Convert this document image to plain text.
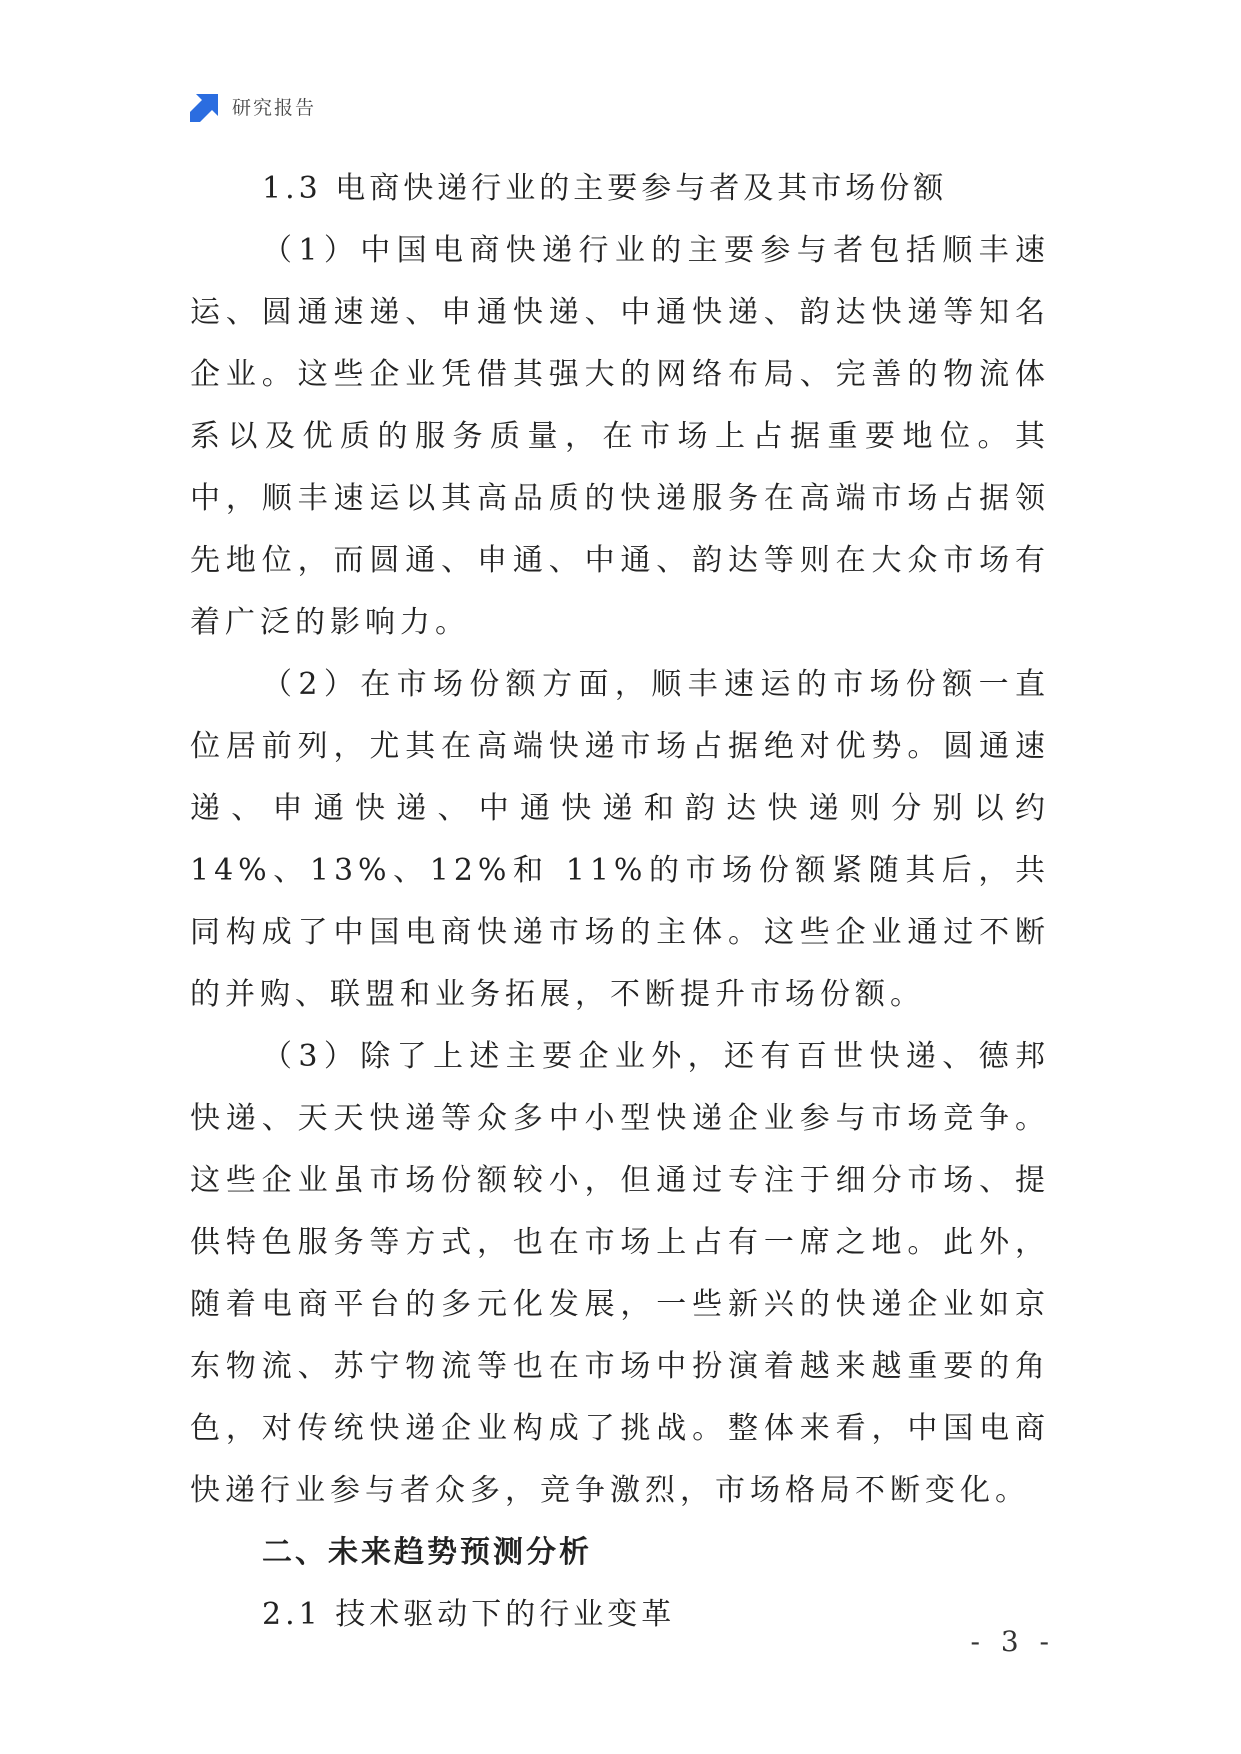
研究报告
1.3 电商快递行业的主要参与者及其市场份额

（1）中国电商快递行业的主要参与者包括顺丰速运、圆通速递、申通快递、中通快递、韵达快递等知名企业。这些企业凭借其强大的网络布局、完善的物流体系以及优质的服务质量，在市场上占据重要地位。其中，顺丰速运以其高品质的快递服务在高端市场占据领先地位，而圆通、申通、中通、韵达等则在大众市场有着广泛的影响力。

（2）在市场份额方面，顺丰速运的市场份额一直位居前列，尤其在高端快递市场占据绝对优势。圆通速递、申通快递、中通快递和韵达快递则分别以约 14%、13%、12%和 11%的市场份额紧随其后，共同构成了中国电商快递市场的主体。这些企业通过不断的并购、联盟和业务拓展，不断提升市场份额。

（3）除了上述主要企业外，还有百世快递、德邦快递、天天快递等众多中小型快递企业参与市场竞争。这些企业虽市场份额较小，但通过专注于细分市场、提供特色服务等方式，也在市场上占有一席之地。此外，随着电商平台的多元化发展，一些新兴的快递企业如京东物流、苏宁物流等也在市场中扮演着越来越重要的角色，对传统快递企业构成了挑战。整体来看，中国电商快递行业参与者众多，竞争激烈，市场格局不断变化。

二、未来趋势预测分析
2.1 技术驱动下的行业变革
- 3 -
